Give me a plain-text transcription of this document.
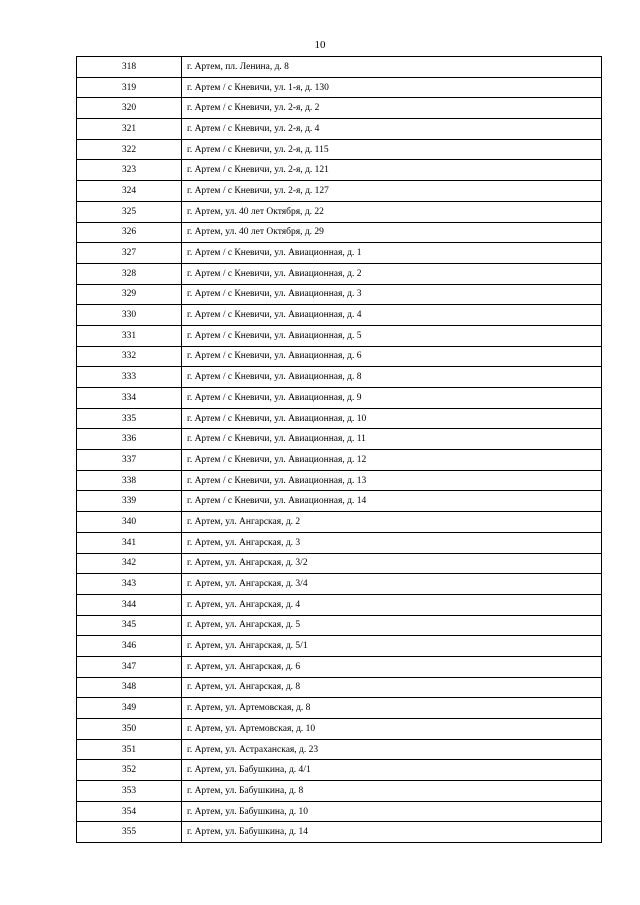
10
318	г. Артем, пл. Ленина, д. 8
319	г. Артем / с Кневичи, ул. 1-я, д. 130
320	г. Артем / с Кневичи, ул. 2-я, д. 2
321	г. Артем / с Кневичи, ул. 2-я, д. 4
322	г. Артем / с Кневичи, ул. 2-я, д. 115
323	г. Артем / с Кневичи, ул. 2-я, д. 121
324	г. Артем / с Кневичи, ул. 2-я, д. 127
325	г. Артем, ул. 40 лет Октября, д. 22
326	г. Артем, ул. 40 лет Октября, д. 29
327	г. Артем / с Кневичи, ул. Авиационная, д. 1
328	г. Артем / с Кневичи, ул. Авиационная, д. 2
329	г. Артем / с Кневичи, ул. Авиационная, д. 3
330	г. Артем / с Кневичи, ул. Авиационная, д. 4
331	г. Артем / с Кневичи, ул. Авиационная, д. 5
332	г. Артем / с Кневичи, ул. Авиационная, д. 6
333	г. Артем / с Кневичи, ул. Авиационная, д. 8
334	г. Артем / с Кневичи, ул. Авиационная, д. 9
335	г. Артем / с Кневичи, ул. Авиационная, д. 10
336	г. Артем / с Кневичи, ул. Авиационная, д. 11
337	г. Артем / с Кневичи, ул. Авиационная, д. 12
338	г. Артем / с Кневичи, ул. Авиационная, д. 13
339	г. Артем / с Кневичи, ул. Авиационная, д. 14
340	г. Артем, ул. Ангарская, д. 2
341	г. Артем, ул. Ангарская, д. 3
342	г. Артем, ул. Ангарская, д. 3/2
343	г. Артем, ул. Ангарская, д. 3/4
344	г. Артем, ул. Ангарская, д. 4
345	г. Артем, ул. Ангарская, д. 5
346	г. Артем, ул. Ангарская, д. 5/1
347	г. Артем, ул. Ангарская, д. 6
348	г. Артем, ул. Ангарская, д. 8
349	г. Артем, ул. Артемовская, д. 8
350	г. Артем, ул. Артемовская, д. 10
351	г. Артем, ул. Астраханская, д. 23
352	г. Артем, ул. Бабушкина, д. 4/1
353	г. Артем, ул. Бабушкина, д. 8
354	г. Артем, ул. Бабушкина, д. 10
355	г. Артем, ул. Бабушкина, д. 14
